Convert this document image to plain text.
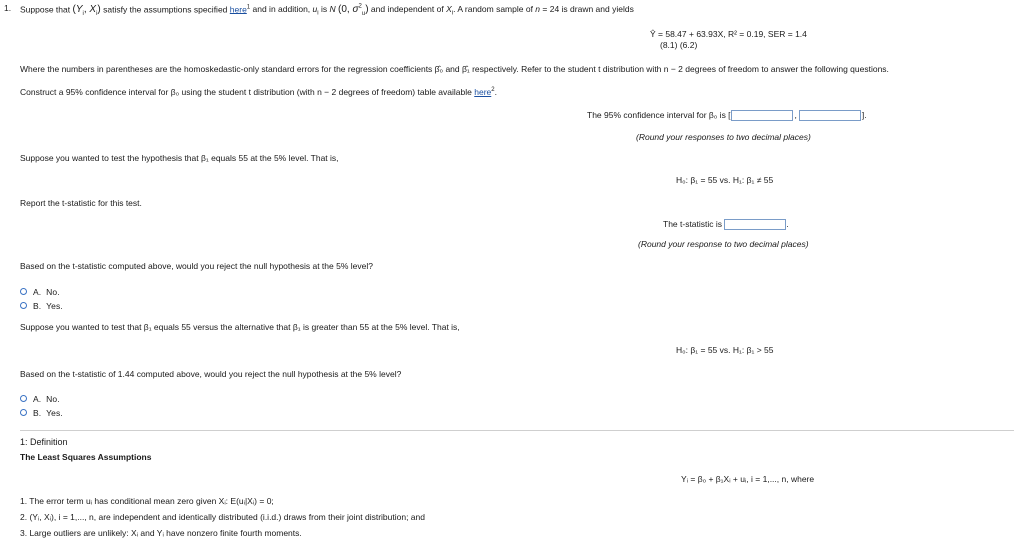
1. Suppose that ($Y_i$, $X_i$) satisfy the assumptions specified here$^1$ and in addition, $u_i$ is N (0, $\sigma^2_u$) and independent of $X_i$. A random sample of n = 24 is drawn and yields
Ŷ = 58.47 + 63.93X, R² = 0.19, SER = 1.4
(8.1) (6.2)
Where the numbers in parentheses are the homoskedastic-only standard errors for the regression coefficients β̂₀ and β̂₁ respectively. Refer to the student t distribution with n − 2 degrees of freedom to answer the following questions.
Construct a 95% confidence interval for β₀ using the student t distribution (with n − 2 degrees of freedom) table available here$^2$.
The 95% confidence interval for β₀ is [	,	].
(Round your responses to two decimal places)
Suppose you wanted to test the hypothesis that β₁ equals 55 at the 5% level. That is,
H₀: β₁ = 55 vs. H₁: β₁ ≠ 55
Report the t-statistic for this test.
The t-statistic is	.
(Round your response to two decimal places)
Based on the t-statistic computed above, would you reject the null hypothesis at the 5% level?
A. No.
B. Yes.
Suppose you wanted to test that β₁ equals 55 versus the alternative that β₁ is greater than 55 at the 5% level. That is,
H₀: β₁ = 55 vs. H₁: β₁ > 55
Based on the t-statistic of 1.44 computed above, would you reject the null hypothesis at the 5% level?
A. No.
B. Yes.
1: Definition
The Least Squares Assumptions
Yᵢ = β₀ + β₁Xᵢ + uᵢ, i = 1,..., n, where
1. The error term uᵢ has conditional mean zero given Xᵢ: E(uᵢ|Xᵢ) = 0;
2. (Yᵢ, Xᵢ), i = 1,..., n, are independent and identically distributed (i.i.d.) draws from their joint distribution; and
3. Large outliers are unlikely: Xᵢ and Yᵢ have nonzero finite fourth moments.
